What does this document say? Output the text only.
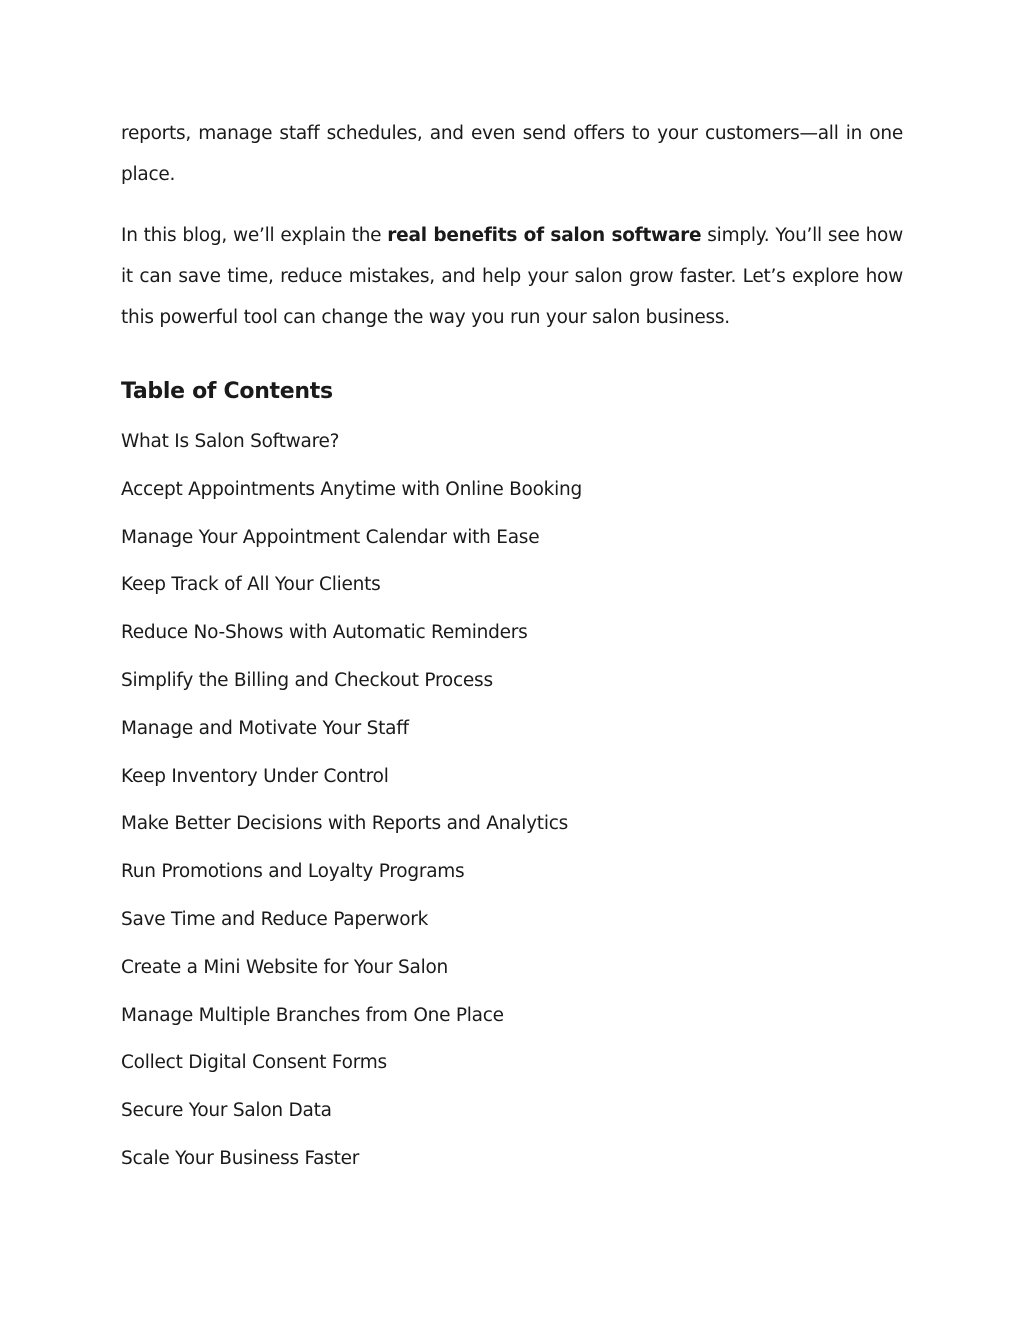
reports, manage staff schedules, and even send offers to your customers—all in one place.

In this blog, we’ll explain the real benefits of salon software simply. You’ll see how it can save time, reduce mistakes, and help your salon grow faster. Let’s explore how this powerful tool can change the way you run your salon business.

Table of Contents
What Is Salon Software?
Accept Appointments Anytime with Online Booking
Manage Your Appointment Calendar with Ease
Keep Track of All Your Clients
Reduce No-Shows with Automatic Reminders
Simplify the Billing and Checkout Process
Manage and Motivate Your Staff
Keep Inventory Under Control
Make Better Decisions with Reports and Analytics
Run Promotions and Loyalty Programs
Save Time and Reduce Paperwork
Create a Mini Website for Your Salon
Manage Multiple Branches from One Place
Collect Digital Consent Forms
Secure Your Salon Data
Scale Your Business Faster
